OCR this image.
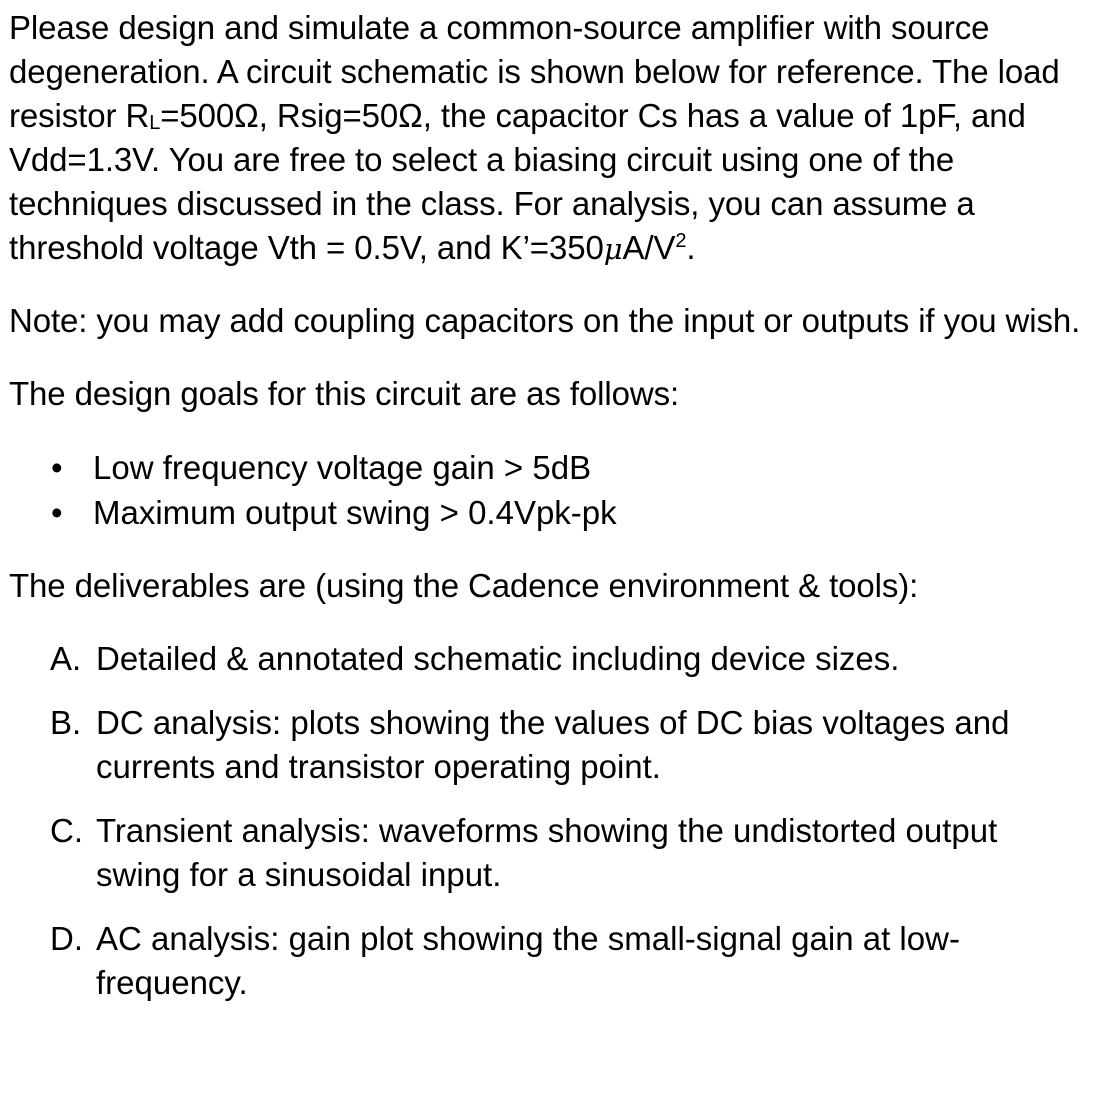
Please design and simulate a common-source amplifier with source degeneration. A circuit schematic is shown below for reference. The load resistor $R_L=500\Omega$, Rsig=50Ω, the capacitor Cs has a value of 1pF, and Vdd=1.3V. You are free to select a biasing circuit using one of the techniques discussed in the class. For analysis, you can assume a threshold voltage Vth = 0.5V, and $K’=350\mu A/V^2$.

Note: you may add coupling capacitors on the input or outputs if you wish.

The design goals for this circuit are as follows:

• Low frequency voltage gain > 5dB
• Maximum output swing > 0.4Vpk-pk

The deliverables are (using the Cadence environment & tools):

A. Detailed & annotated schematic including device sizes.
B. DC analysis: plots showing the values of DC bias voltages and currents and transistor operating point.
C. Transient analysis: waveforms showing the undistorted output swing for a sinusoidal input.
D. AC analysis: gain plot showing the small-signal gain at low-frequency.
